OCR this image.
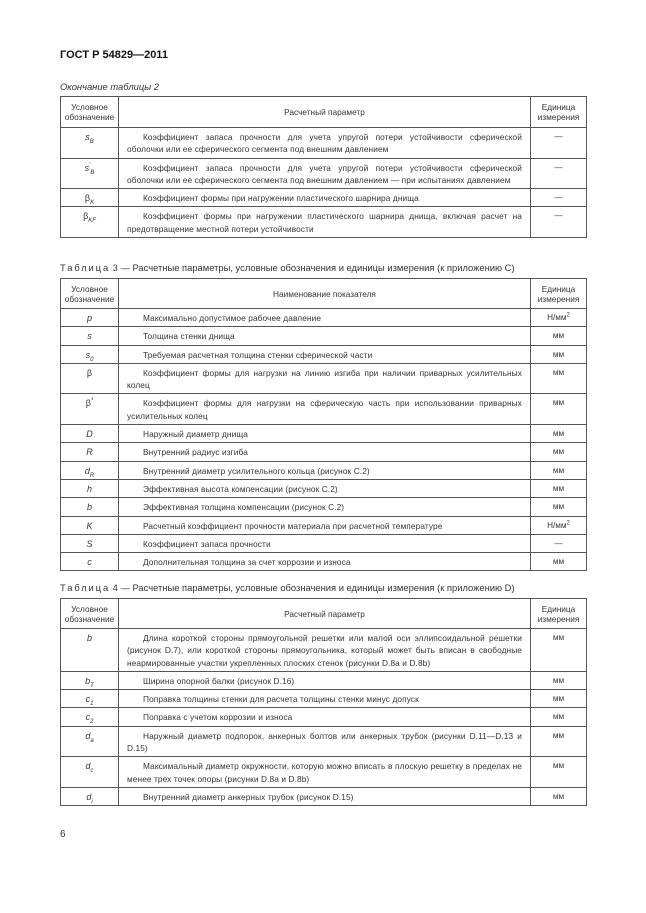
ГОСТ Р 54829—2011
Окончание таблицы 2
Условное обозначение	Расчетный параметр	Единица измерения
$s_B$	Коэффициент запаса прочности для учета упругой потери устойчивости сферической оболочки или ее сферического сегмента под внешним давлением	—
$s'_B$	Коэффициент запаса прочности для учета упругой потери устойчивости сферической оболочки или ее сферического сегмента под внешним давлением — при испытаниях давлением	—
$\beta_K$	Коэффициент формы при нагружении пластического шарнира днища	—
$\beta_{KF}$	Коэффициент формы при нагружении пластического шарнира днища, включая расчет на предотвращение местной потери устойчивости	—
Таблица 3 — Расчетные параметры, условные обозначения и единицы измерения (к приложению С)
Условное обозначение	Наименование показателя	Единица измерения
p	Максимально допустимое рабочее давление	$Н/мм^2$
s	Толщина стенки днища	мм
$s_0$	Требуемая расчетная толщина стенки сферической части	мм
β	Коэффициент формы для нагрузки на линию изгиба при наличии приварных усилительных колец	мм
β*	Коэффициент формы для нагрузки на сферическую часть при использовании приварных усилительных колец	мм
D	Наружный диаметр днища	мм
R	Внутренний радиус изгиба	мм
$d_R$	Внутренний диаметр усилительного кольца (рисунок С.2)	мм
h	Эффективная высота компенсации (рисунок С.2)	мм
b	Эффективная толщина компенсации (рисунок С.2)	мм
K	Расчетный коэффициент прочности материала при расчетной температуре	$Н/мм^2$
S	Коэффициент запаса прочности	—
c	Дополнительная толщина за счет коррозии и износа	мм
Таблица 4 — Расчетные параметры, условные обозначения и единицы измерения (к приложению D)
Условное обозначение	Расчетный параметр	Единица измерения
b	Длина короткой стороны прямоугольной решетки или малой оси эллипсоидальной решетки (рисунок D.7), или короткой стороны прямоугольника, который может быть вписан в свободные неармированные участки укрепленных плоских стенок (рисунки D.8a и D.8b)	мм
$b_T$	Ширина опорной балки (рисунок D.16)	мм
$c_1$	Поправка толщины стенки для расчета толщины стенки минус допуск	мм
$c_2$	Поправка с учетом коррозии и износа	мм
$d_a$	Наружный диаметр подпорок, анкерных болтов или анкерных трубок (рисунки D.11—D.13 и D.15)	мм
$d_c$	Максимальный диаметр окружности, которую можно вписать в плоскую решетку в пределах не менее трех точек опоры (рисунки D.8a и D.8b)	мм
$d_i$	Внутренний диаметр анкерных трубок (рисунок D.15)	мм
6
